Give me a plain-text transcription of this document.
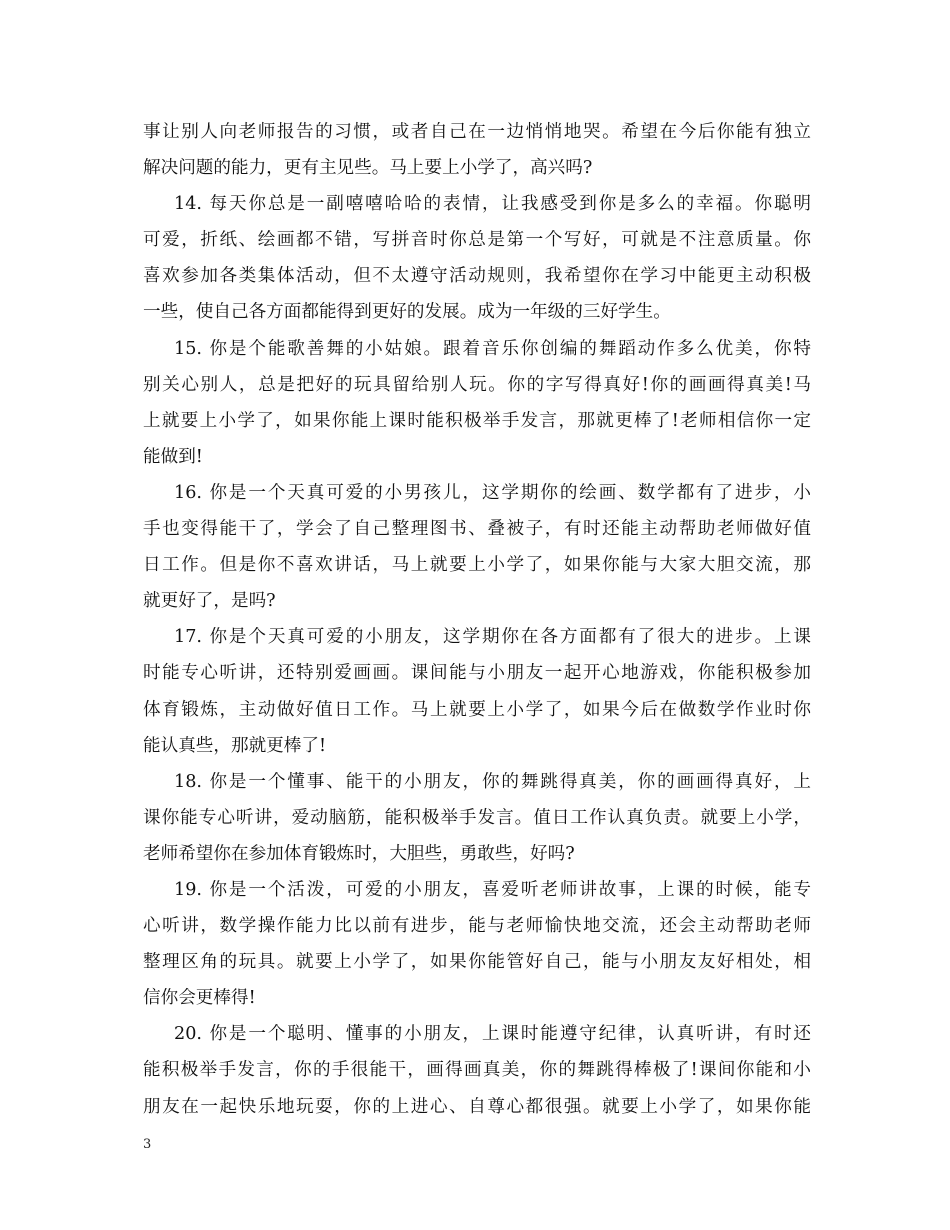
事让别人向老师报告的习惯，或者自己在一边悄悄地哭。希望在今后你能有独立
解决问题的能力，更有主见些。马上要上小学了，高兴吗?
14. 每天你总是一副嘻嘻哈哈的表情，让我感受到你是多么的幸福。你聪明
可爱，折纸、绘画都不错，写拼音时你总是第一个写好，可就是不注意质量。你
喜欢参加各类集体活动，但不太遵守活动规则，我希望你在学习中能更主动积极
一些，使自己各方面都能得到更好的发展。成为一年级的三好学生。
15. 你是个能歌善舞的小姑娘。跟着音乐你创编的舞蹈动作多么优美，你特
别关心别人，总是把好的玩具留给别人玩。你的字写得真好!你的画画得真美!马
上就要上小学了，如果你能上课时能积极举手发言，那就更棒了!老师相信你一定
能做到!
16. 你是一个天真可爱的小男孩儿，这学期你的绘画、数学都有了进步，小
手也变得能干了，学会了自己整理图书、叠被子，有时还能主动帮助老师做好值
日工作。但是你不喜欢讲话，马上就要上小学了，如果你能与大家大胆交流，那
就更好了，是吗?
17. 你是个天真可爱的小朋友，这学期你在各方面都有了很大的进步。上课
时能专心听讲，还特别爱画画。课间能与小朋友一起开心地游戏，你能积极参加
体育锻炼，主动做好值日工作。马上就要上小学了，如果今后在做数学作业时你
能认真些，那就更棒了!
18. 你是一个懂事、能干的小朋友，你的舞跳得真美，你的画画得真好，上
课你能专心听讲，爱动脑筋，能积极举手发言。值日工作认真负责。就要上小学，
老师希望你在参加体育锻炼时，大胆些，勇敢些，好吗?
19. 你是一个活泼，可爱的小朋友，喜爱听老师讲故事，上课的时候，能专
心听讲，数学操作能力比以前有进步，能与老师愉快地交流，还会主动帮助老师
整理区角的玩具。就要上小学了，如果你能管好自己，能与小朋友友好相处，相
信你会更棒得!
20. 你是一个聪明、懂事的小朋友，上课时能遵守纪律，认真听讲，有时还
能积极举手发言，你的手很能干，画得画真美，你的舞跳得棒极了!课间你能和小
朋友在一起快乐地玩耍，你的上进心、自尊心都很强。就要上小学了，如果你能
3
